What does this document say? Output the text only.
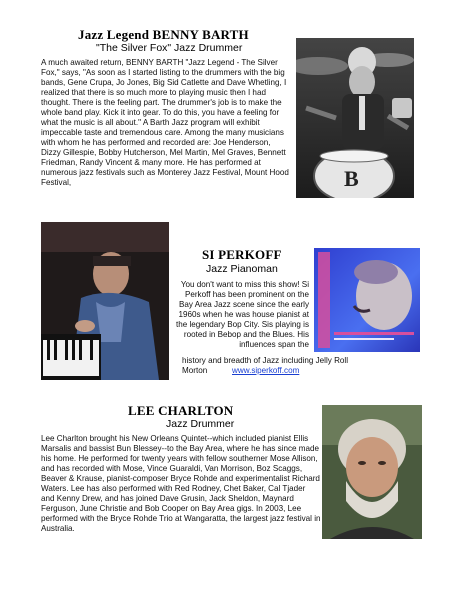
Jazz Legend BENNY BARTH
"The Silver Fox" Jazz Drummer

A much awaited return, BENNY BARTH "Jazz Legend - The Silver Fox," says, "As soon as I started listing to the drummers with the big bands, Gene Crupa, Jo Jones, Big Sid Catlette and Dave Whetling, I realized that there is so much more to playing music then I had thought. There is the feeling part. The drummer's job is to make the whole band play. Kick it into gear. To do this, you have a feeling for what the music is all about." A Barth Jazz program will exhibit impeccable taste and tremendous care. Among the many musicians with whom he has performed and recorded are: Joe Henderson, Dizzy Gillespie, Bobby Hutcherson, Mel Martin, Mel Graves, Bennett Friedman, Randy Vincent & many more. He has performed at numerous jazz festivals such as Monterey Jazz Festival, Mount Hood Festival,	B
SI PERKOFF
Jazz Pianoman

You don't want to miss this show! Si Perkoff has been prominent on the Bay Area Jazz scene since the early 1960s when he was house pianist at the legendary Bop City. Sis playing is rooted in Bebop and the Blues. His influences span the

history and breadth of Jazz including Jelly Roll Morton	www.siperkoff.com
LEE CHARLTON
Jazz Drummer

Lee Charlton brought his New Orleans Quintet--which included pianist Ellis Marsalis and bassist Bun Blessey--to the Bay Area, where he has since made his home. He performed for twenty years with fellow southerner Mose Allison, and has recorded with Mose, Vince Guaraldi, Van Morrison, Boz Scaggs, Beaver & Krause, pianist-composer Bryce Rohde and experimentalist Richard Waters. Lee has also performed with Red Rodney, Chet Baker, Cal Tjader and Kenny Drew, and has joined Dave Grusin, Jack Sheldon, Maynard Ferguson, June Christie and Bob Cooper on Bay Area gigs. In 2003, Lee performed with the Bryce Rohde Trio at Wangaratta, the largest jazz festival in Australia.
